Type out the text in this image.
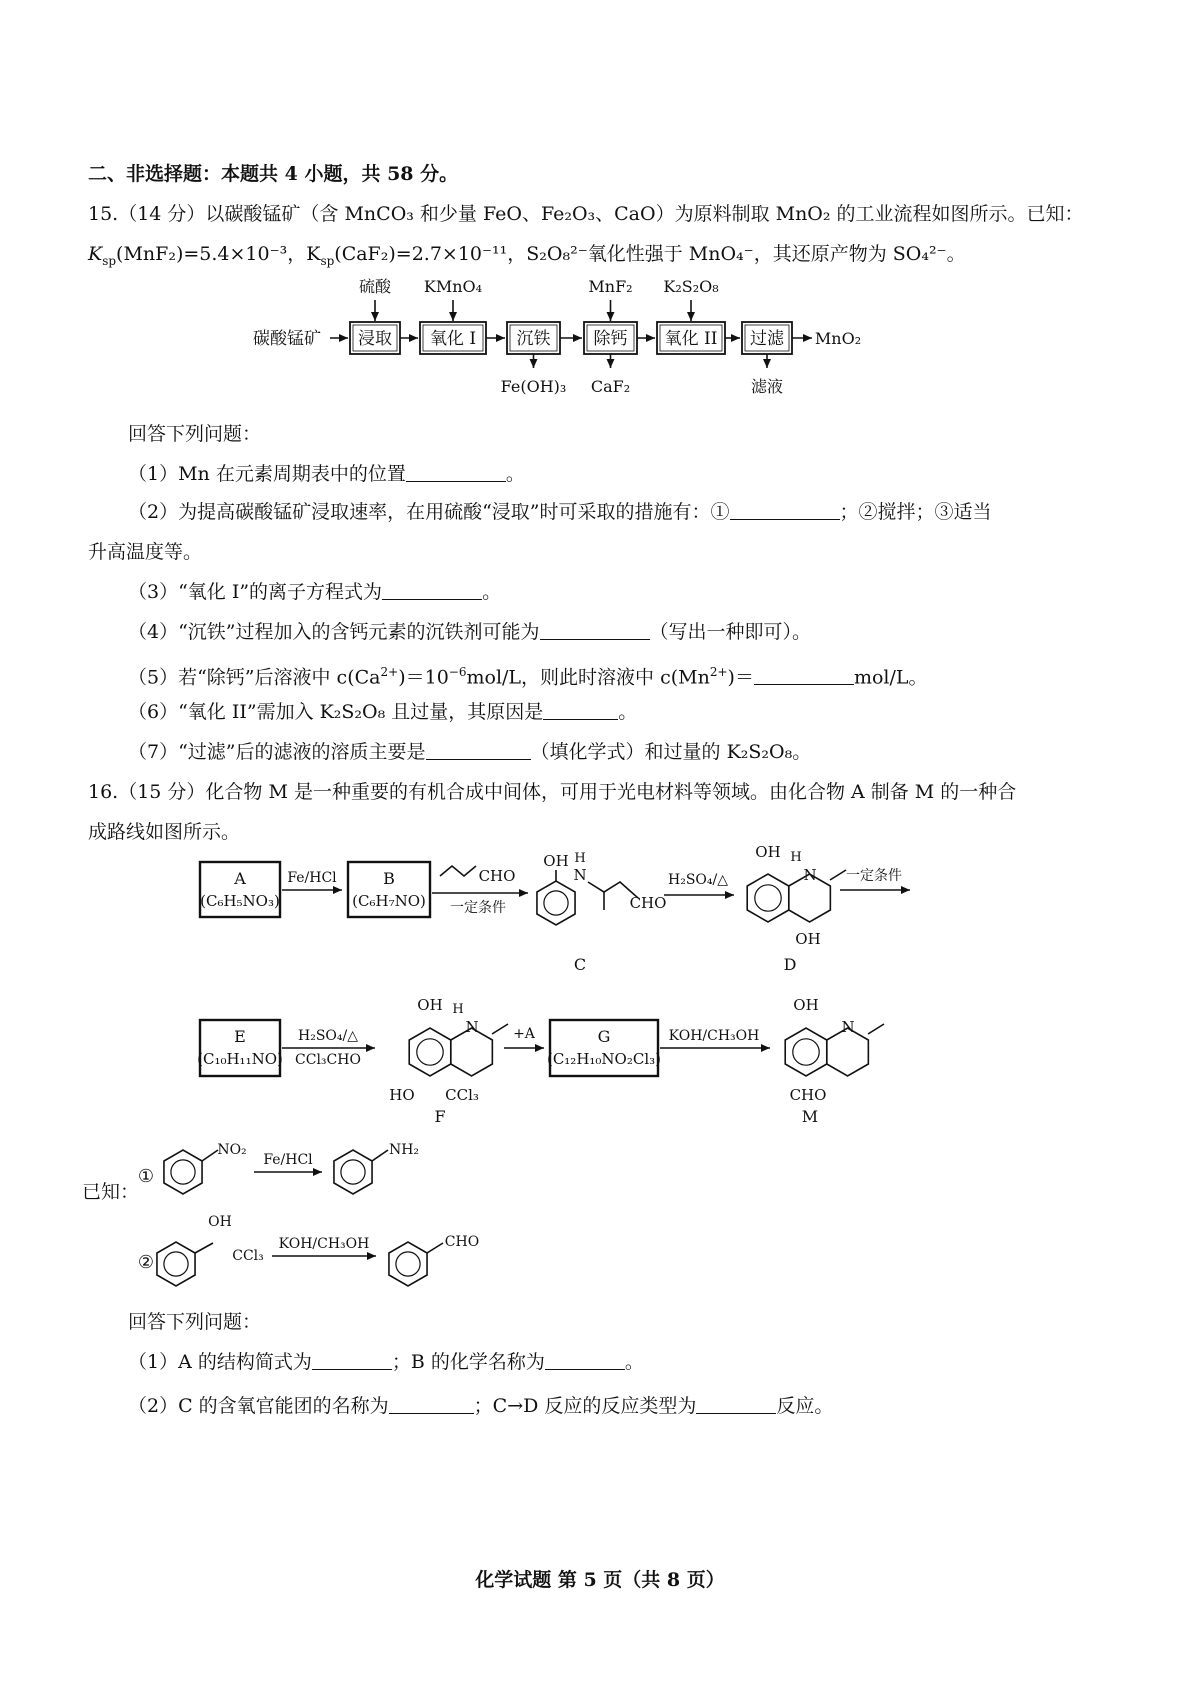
二、非选择题：本题共 4 小题，共 58 分。
15.（14 分）以碳酸锰矿（含 MnCO₃ 和少量 FeO、Fe₂O₃、CaO）为原料制取 MnO₂ 的工业流程如图所示。已知：
$K_{sp}(MnF_2)=5.4\times 10^{-3}$，$K_{sp}(CaF_2)=2.7\times 10^{-11}$，S₂O₈²⁻氧化性强于 MnO₄⁻，其还原产物为 SO₄²⁻。
碳酸锰矿 浸取
硫酸
氧化 I
KMnO₄
沉铁
Fe(OH)₃
除钙
MnF₂
CaF₂
氧化 II
K₂S₂O₈
过滤
滤液
MnO₂
回答下列问题：
（1）Mn 在元素周期表中的位置	。
（2）为提高碳酸锰矿浸取速率，在用硫酸“浸取”时可采取的措施有：①	；②搅拌；③适当
升高温度等。
（3）“氧化 I”的离子方程式为	。
（4）“沉铁”过程加入的含钙元素的沉铁剂可能为	（写出一种即可）。
（5）若“除钙”后溶液中 $c(Ca^{2+})=10^{-6}mol/L$，则此时溶液中 $c(Mn^{2+})=$	mol/L。
（6）“氧化 II”需加入 K₂S₂O₈ 且过量，其原因是	。
（7）“过滤”后的滤液的溶质主要是	（填化学式）和过量的 K₂S₂O₈。
16.（15 分）化合物 M 是一种重要的有机合成中间体，可用于光电材料等领域。由化合物 A 制备 M 的一种合
成路线如图所示。
A
(C₆H₅NO₃)
Fe/HCl	B
(C₆H₇NO)
CHO
一定条件
OH
N
H
CHO
C
H₂SO₄/△
OH H
N
OH
D
一定条件
E
(C₁₀H₁₁NO)
H₂SO₄/△
CCl₃CHO
OH H
N
HO CCl₃
F
+A	G
(C₁₂H₁₀NO₂Cl₃)
KOH/CH₃OH
OH
N
CHO
M
①
NO₂
Fe/HCl
NH₂
②
OH
CCl₃
KOH/CH₃OH	CHO
已知：
回答下列问题：
（1）A 的结构简式为	；B 的化学名称为	。
（2）C 的含氧官能团的名称为	；C→D 反应的反应类型为	反应。
化学试题 第 5 页（共 8 页）
